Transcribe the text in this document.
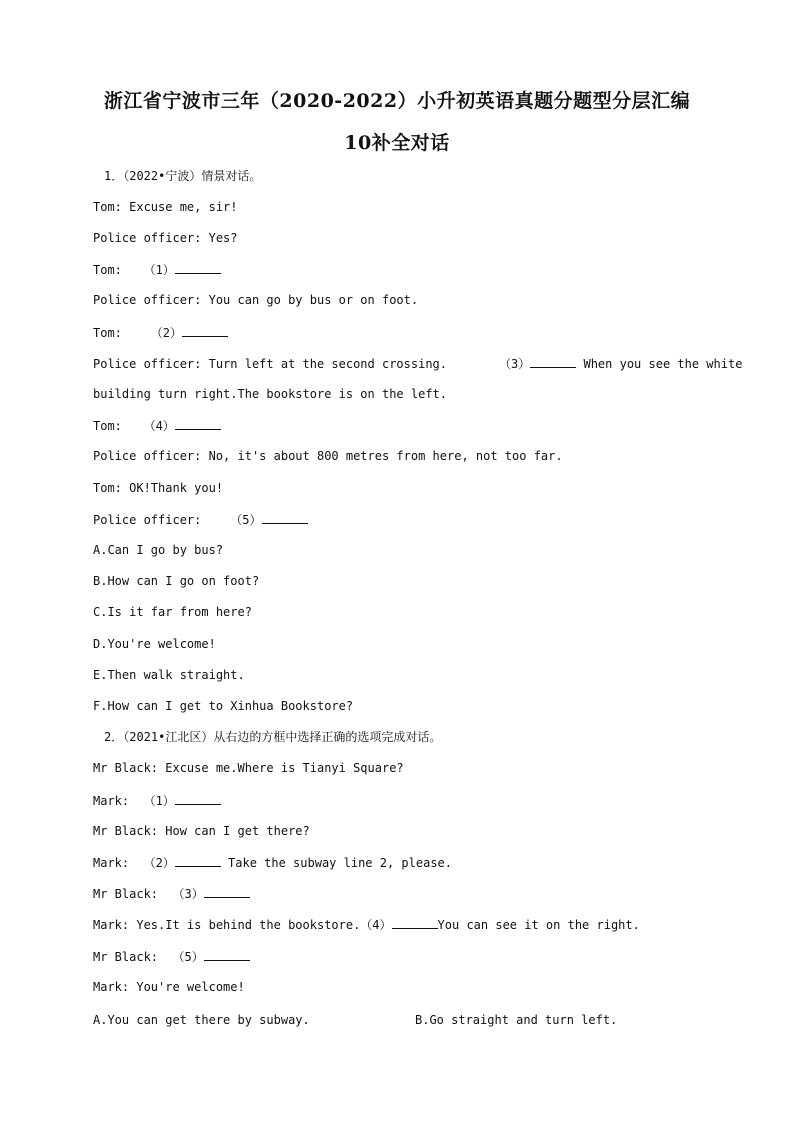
浙江省宁波市三年（2020-2022）小升初英语真题分题型分层汇编
10补全对话
1．（2022•宁波）情景对话。
Tom: Excuse me, sir!
Police officer: Yes?
Tom:   （1）
Police officer: You can go by bus or on foot.
Tom:    （2）
Police officer: Turn left at the second crossing.	（3）	When you see the white
building turn right.The bookstore is on the left.
Tom:   （4）
Police officer: No, it's about 800 metres from here, not too far.
Tom: OK!Thank you!
Police officer:    （5）
A.Can I go by bus?
B.How can I go on foot?
C.Is it far from here?
D.You're welcome!
E.Then walk straight.
F.How can I get to Xinhua Bookstore?
2．（2021•江北区）从右边的方框中选择正确的选项完成对话。
Mr Black: Excuse me.Where is Tianyi Square?
Mark:  （1）
Mr Black: How can I get there?
Mark:  （2）	Take the subway line 2, please.
Mr Black:  （3）
Mark: Yes.It is behind the bookstore.（4）	You can see it on the right.
Mr Black:  （5）
Mark: You're welcome!
A.You can get there by subway.	B.Go straight and turn left.
